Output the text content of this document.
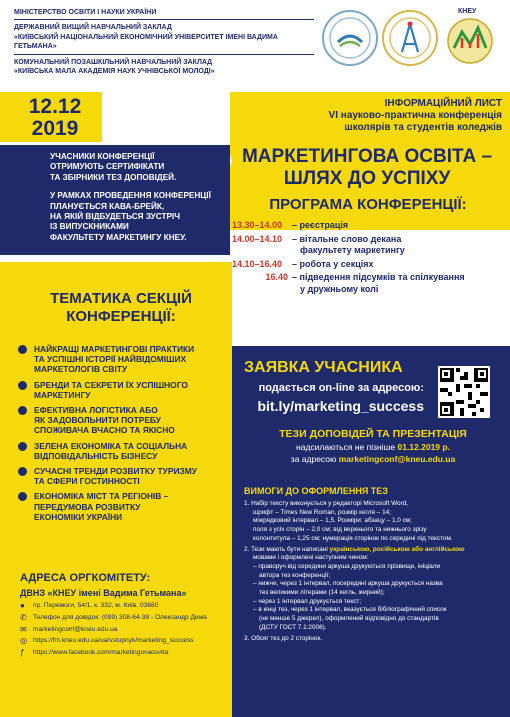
МІНІСТЕРСТВО ОСВІТИ І НАУКИ УКРАЇНИ
ДЕРЖАВНИЙ ВИЩИЙ НАВЧАЛЬНИЙ ЗАКЛАД
«КИЇВСЬКИЙ НАЦІОНАЛЬНИЙ ЕКОНОМІЧНИЙ УНІВЕРСИТЕТ ІМЕНІ ВАДИМА ГЕТЬМАНА»
КОМУНАЛЬНИЙ ПОЗАШКІЛЬНИЙ НАВЧАЛЬНИЙ ЗАКЛАД
«КИЇВСЬКА МАЛА АКАДЕМІЯ НАУК УЧНІВСЬКОЇ МОЛОДІ»
КНЕУ
12.12
2019
ІНФОРМАЦІЙНИЙ ЛИСТ
VI науково-практична конференція
школярів та студентів коледжів
МАРКЕТИНГОВА ОСВІТА –
ШЛЯХ ДО УСПІХУ
УЧАСНИКИ КОНФЕРЕНЦІЇ
ОТРИМУЮТЬ СЕРТИФІКАТИ
ТА ЗБІРНИКИ ТЕЗ ДОПОВІДЕЙ.
У РАМКАХ ПРОВЕДЕННЯ КОНФЕРЕНЦІЇ
ПЛАНУЄТЬСЯ КАВА-БРЕЙК,
НА ЯКІЙ ВІДБУДЕТЬСЯ ЗУСТРІЧ
ІЗ ВИПУСКНИКАМИ
ФАКУЛЬТЕТУ МАРКЕТИНГУ КНЕУ.
ПРОГРАМА КОНФЕРЕНЦІЇ:
13.30–14.00	– реєстрація
14.00–14.10	– вітальне слово декана
факультету маркетингу
14.10–16.40	– робота у секціях
16.40 – підведення підсумків та спілкування
у дружньому колі
ТЕМАТИКА СЕКЦІЙ
КОНФЕРЕНЦІЇ:
НАЙКРАЩІ МАРКЕТИНГОВІ ПРАКТИКИ
ТА УСПІШНІ ІСТОРІЇ НАЙВІДОМІШИХ
МАРКЕТОЛОГІВ СВІТУ
БРЕНДИ ТА СЕКРЕТИ ЇХ УСПІШНОГО
МАРКЕТИНГУ
ЕФЕКТИВНА ЛОГІСТИКА АБО
ЯК ЗАДОВОЛЬНИТИ ПОТРЕБУ
СПОЖИВАЧА ВЧАСНО ТА ЯКІСНО
ЗЕЛЕНА ЕКОНОМІКА ТА СОЦІАЛЬНА
ВІДПОВІДАЛЬНІСТЬ БІЗНЕСУ
СУЧАСНІ ТРЕНДИ РОЗВИТКУ ТУРИЗМУ
ТА СФЕРИ ГОСТИННОСТІ
ЕКОНОМІКА МІСТ ТА РЕГІОНІВ –
ПЕРЕДУМОВА РОЗВИТКУ
ЕКОНОМІКИ УКРАЇНИ
АДРЕСА ОРГКОМІТЕТУ:
ДВНЗ «КНЕУ імені Вадима Гетьмана»
●	пр. Перемоги, 54/1, к. 332, м. Київ, 03680
✆ Телефон для довідок: (099) 308-64-38 - Олександр Дима
✉ marketingconf@kneu.edu.ua
◎ https://fm.kneu.edu.ua/ua/vstupnyk/marketing_success
ƒ	https://www.facebook.com/marketingovaosvita
ЗАЯВКА УЧАСНИКА
подається on-line за адресою:
bit.ly/marketing_success
ТЕЗИ ДОПОВІДЕЙ ТА ПРЕЗЕНТАЦІЯ
надсилаються не пізніше 01.12.2019 р.
за адресою marketingconf@kneu.edu.ua
ВИМОГИ ДО ОФОРМЛЕННЯ ТЕЗ
1. Набір тексту виконується у редакторі Microsoft Word,
шрифт – Times New Roman, розмір кегля – 14;
міжрядковий інтервал – 1,5. Розміри: абзацу – 1,0 см;
поля з усіх сторін – 2,0 см; від верхнього та нижнього зрізу
колонтитула – 1,25 см; нумерація сторінок по середині під текстом.
2. Тези мають бути написані українською, російською або англійською
мовами і оформлені наступним чином:
– праворуч від середини аркуша друкуються прізвище, ініціали
автора тез конференції;
– нижче, через 1 інтервал, посередині аркуша друкується назва
тез великими літерами (14 кегль, жирний);
– через 1 інтервал друкується текст;
– в кінці тез, через 1 інтервал, вказується бібліографічний список
(не менше 5 джерел), оформлений відповідно до стандартів
(ДСТУ ГОСТ 7.1:2006).
3. Обсяг тез до 2 сторінок.
